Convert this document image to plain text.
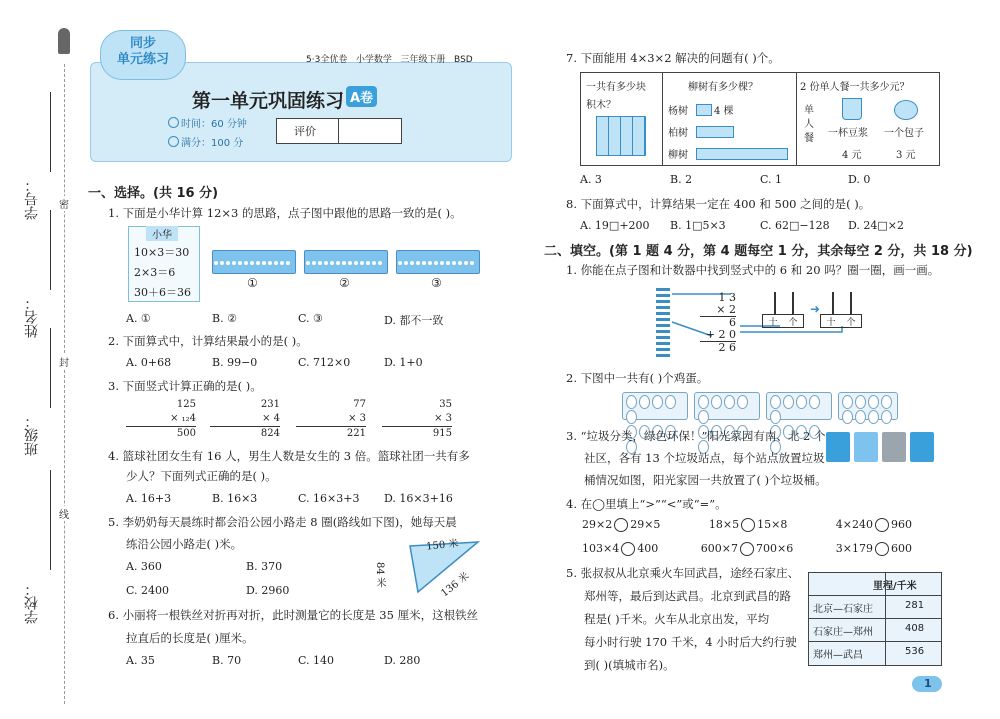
学号：
姓名：
班级：
学校：
密
封
线
同步
单元练习	5·3全优卷   小学数学   三年级下册   BSD
第一单元巩固练习 A卷
时间：60 分钟
满分：100 分
评价
一、选择。(共 16 分)
1. 下面是小华计算 12×3 的思路，点子图中跟他的思路一致的是( )。
小华
10×3＝30
2×3＝6
30＋6＝36
①	②	③
A. ①	B. ②	C. ③	D. 都不一致
2. 下面算式中，计算结果最小的是( )。
A. 0+68	B. 99−0	C. 712×0	D. 1+0
3. 下面竖式计算正确的是( )。
125
× ₁₂4
500
231
× 4
824
77
× 3
221
35
× 3
915
4. 篮球社团女生有 16 人，男生人数是女生的 3 倍。篮球社团一共有多
少人？下面列式正确的是( )。
A. 16+3	B. 16×3	C. 16×3+3 D. 16×3+16
5. 李奶奶每天晨练时都会沿公园小路走 8 圈(路线如下图)，她每天晨
练沿公园小路走( )米。	150 米
84 米	136 米
A. 360	B. 370
C. 2400	D. 2960
6. 小丽将一根铁丝对折再对折，此时测量它的长度是 35 厘米，这根铁丝
拉直后的长度是( )厘米。
A. 35	B. 70	C. 140	D. 280
7. 下面能用 4×3×2 解决的问题有( )个。
一共有多少块
积木？
柳树有多少棵？
杨树	4 棵
柏树
柳树
2 份单人餐一共多少元？
单人餐 一杯豆浆
4 元
一个包子
3 元
A. 3	B. 2	C. 1	D. 0
8. 下面算式中，计算结果一定在 400 和 500 之间的是( )。
A. 19□+200 B. 1□5×3	C. 62□−128 D. 24□×2
二、填空。(第 1 题 4 分，第 4 题每空 1 分，其余每空 2 分，共 18 分)
1. 你能在点子图和计数器中找到竖式中的 6 和 20 吗？圈一圈，画一画。
1 3
× 2
6
+ 2 0
2 6
十 个
➜
十 个
2. 下图中一共有( )个鸡蛋。

3. “垃圾分类，绿色环保！”阳光家园有南、北 2 个
社区，各有 13 个垃圾站点，每个站点放置垃圾
桶情况如图，阳光家园一共放置了( )个垃圾桶。
4. 在◯里填上“>”“<”或“=”。
29×2 29×5	18×5 15×8	4×240 960
103×4 400	600×7 700×6	3×179 600
5. 张叔叔从北京乘火车回武昌，途经石家庄、
郑州等，最后到达武昌。北京到武昌的路
程是( )千米。火车从北京出发，平均
每小时行驶 170 千米，4 小时后大约行驶
到( )(填城市名)。
里程/千米
北京—石家庄	281
石家庄—郑州	408
郑州—武昌	536
1
